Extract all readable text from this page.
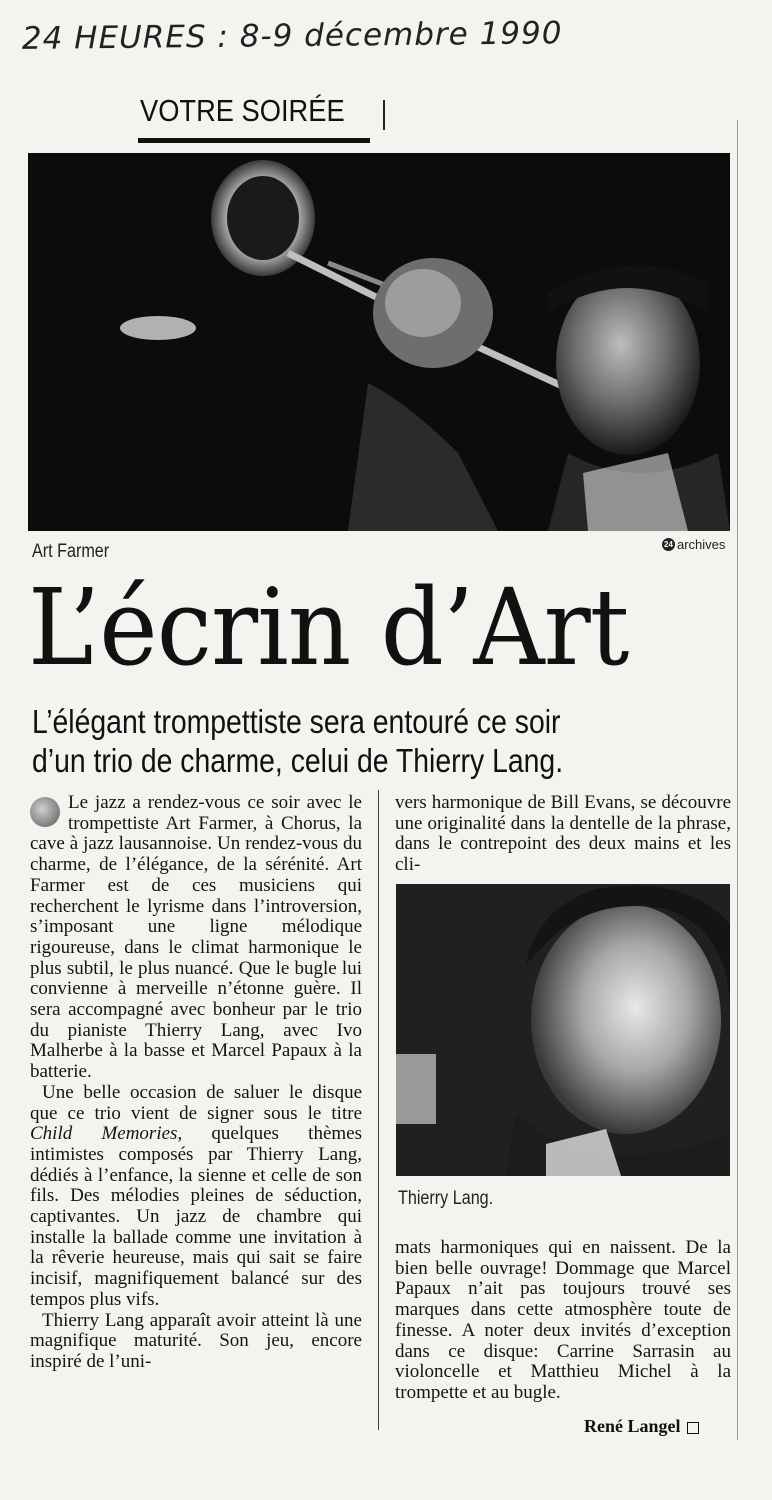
24 HEURES : 8-9 décembre 1990
VOTRE SOIRÉE
Art Farmer	24 archives
L’écrin d’Art
L’élégant trompettiste sera entouré ce soir
d’un trio de charme, celui de Thierry Lang.

Le jazz a rendez-vous ce soir avec le trompettiste Art Farmer, à Chorus, la cave à jazz lausannoise. Un rendez-vous du charme, de l’élégance, de la sérénité. Art Farmer est de ces musiciens qui recherchent le lyrisme dans l’introversion, s’imposant une ligne mélodique rigoureuse, dans le climat harmonique le plus subtil, le plus nuancé. Que le bugle lui convienne à merveille n’étonne guère. Il sera accompagné avec bonheur par le trio du pianiste Thierry Lang, avec Ivo Malherbe à la basse et Marcel Papaux à la batterie.

Une belle occasion de saluer le disque que ce trio vient de signer sous le titre Child Memories, quelques thèmes intimistes composés par Thierry Lang, dédiés à l’enfance, la sienne et celle de son fils. Des mélodies pleines de séduction, captivantes. Un jazz de chambre qui installe la ballade comme une invitation à la rêverie heureuse, mais qui sait se faire incisif, magnifiquement balancé sur des tempos plus vifs.

Thierry Lang apparaît avoir atteint là une magnifique maturité. Son jeu, encore inspiré de l’uni-

vers harmonique de Bill Evans, se découvre une originalité dans la dentelle de la phrase, dans le contrepoint des deux mains et les cli-

Thierry Lang.

mats harmoniques qui en naissent. De la bien belle ouvrage! Dommage que Marcel Papaux n’ait pas toujours trouvé ses marques dans cette atmosphère toute de finesse. A noter deux invités d’exception dans ce disque: Carrine Sarrasin au violoncelle et Matthieu Michel à la trompette et au bugle.

René Langel
